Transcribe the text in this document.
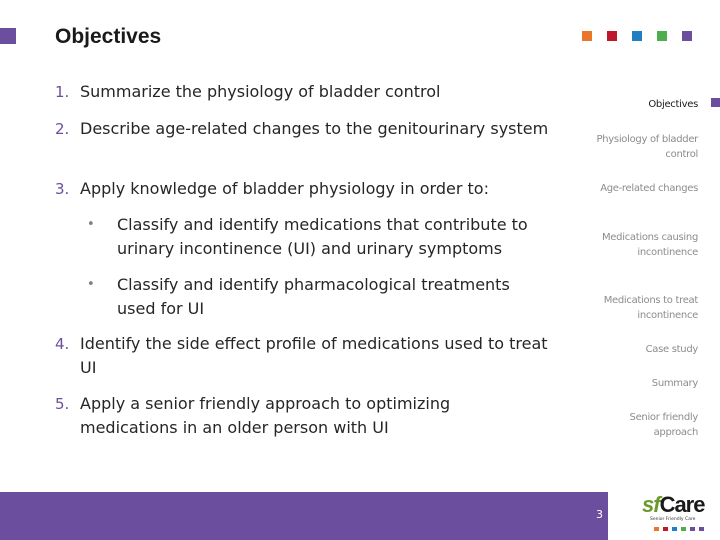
Objectives
1. Summarize the physiology of bladder control
2. Describe age-related changes to the genitourinary system
3. Apply knowledge of bladder physiology in order to:
• Classify and identify medications that contribute to urinary incontinence (UI) and urinary symptoms
• Classify and identify pharmacological treatments used for UI
4. Identify the side effect profile of medications used to treat UI
5. Apply a senior friendly approach to optimizing medications in an older person with UI
Objectives
Physiology of bladder control
Age-related changes
Medications causing incontinence
Medications to treat incontinence
Case study
Summary
Senior friendly approach
3 sfCare
Senior Friendly Care
